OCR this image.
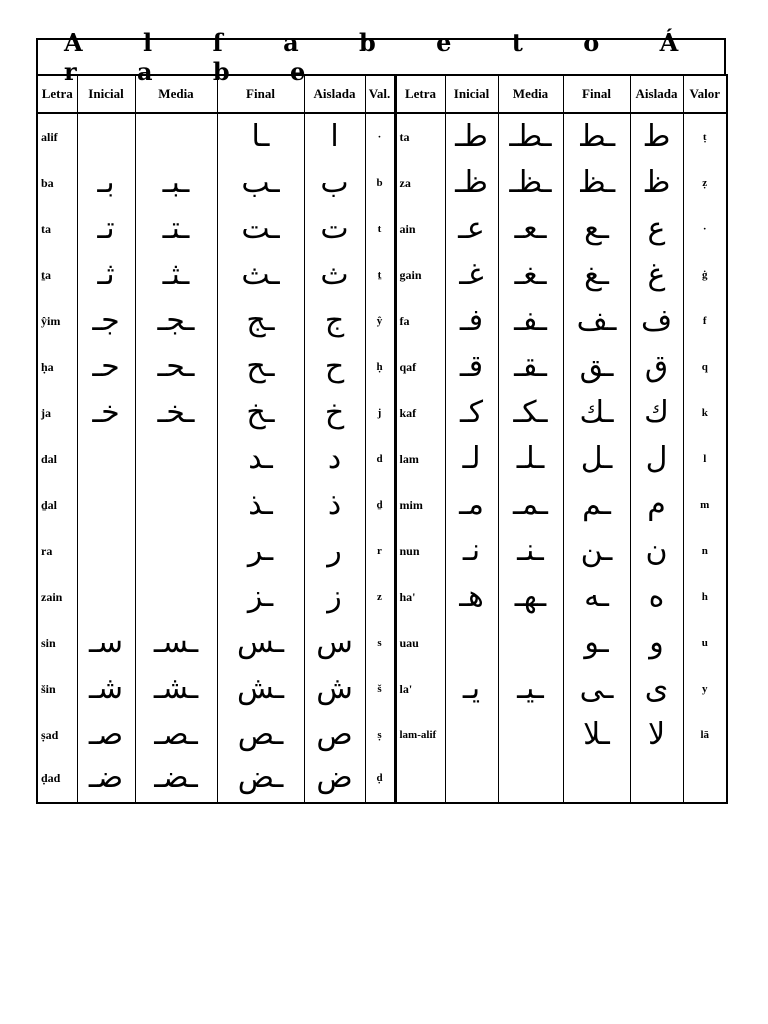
A l f a b e t o Á r a b e
Letra	Inicial	Media	Final	Aislada	Val.	Letra	Inicial	Media	Final	Aislada	Valor
alif			ـا	ا	·	ta	طـ	ـطـ	ـط	ط	ṭ
ba	بـ	ـبـ	ـب	ب	b	za	ظـ	ـظـ	ـظ	ظ	ẓ
ta	تـ	ـتـ	ـت	ت	t	ain	عـ	ـعـ	ـع	ع	·
ṯa	ثـ	ـثـ	ـث	ث	ṯ	gain	غـ	ـغـ	ـغ	غ	ġ
ŷim	جـ	ـجـ	ـج	ج	ŷ	fa	فـ	ـفـ	ـف	ف	f
ḥa	حـ	ـحـ	ـح	ح	ḥ	qaf	قـ	ـقـ	ـق	ق	q
ja	خـ	ـخـ	ـخ	خ	j	kaf	كـ	ـكـ	ـك	ك	k
dal			ـد	د	d	lam	لـ	ـلـ	ـل	ل	l
ḏal			ـذ	ذ	ḏ	mim	مـ	ـمـ	ـم	م	m
ra			ـر	ر	r	nun	نـ	ـنـ	ـن	ن	n
zain			ـز	ز	z	ha'	هـ	ـهـ	ـه	ه	h
sin	سـ	ـسـ	ـس	س	s	uau			ـو	و	u
šin	شـ	ـشـ	ـش	ش	š	la'	يـ	ـيـ	ـى	ى	y
ṣad	صـ	ـصـ	ـص	ص	ṣ	lam-alif			ـلا	لا	lā
ḍad	ضـ	ـضـ	ـض	ض	ḍ						
